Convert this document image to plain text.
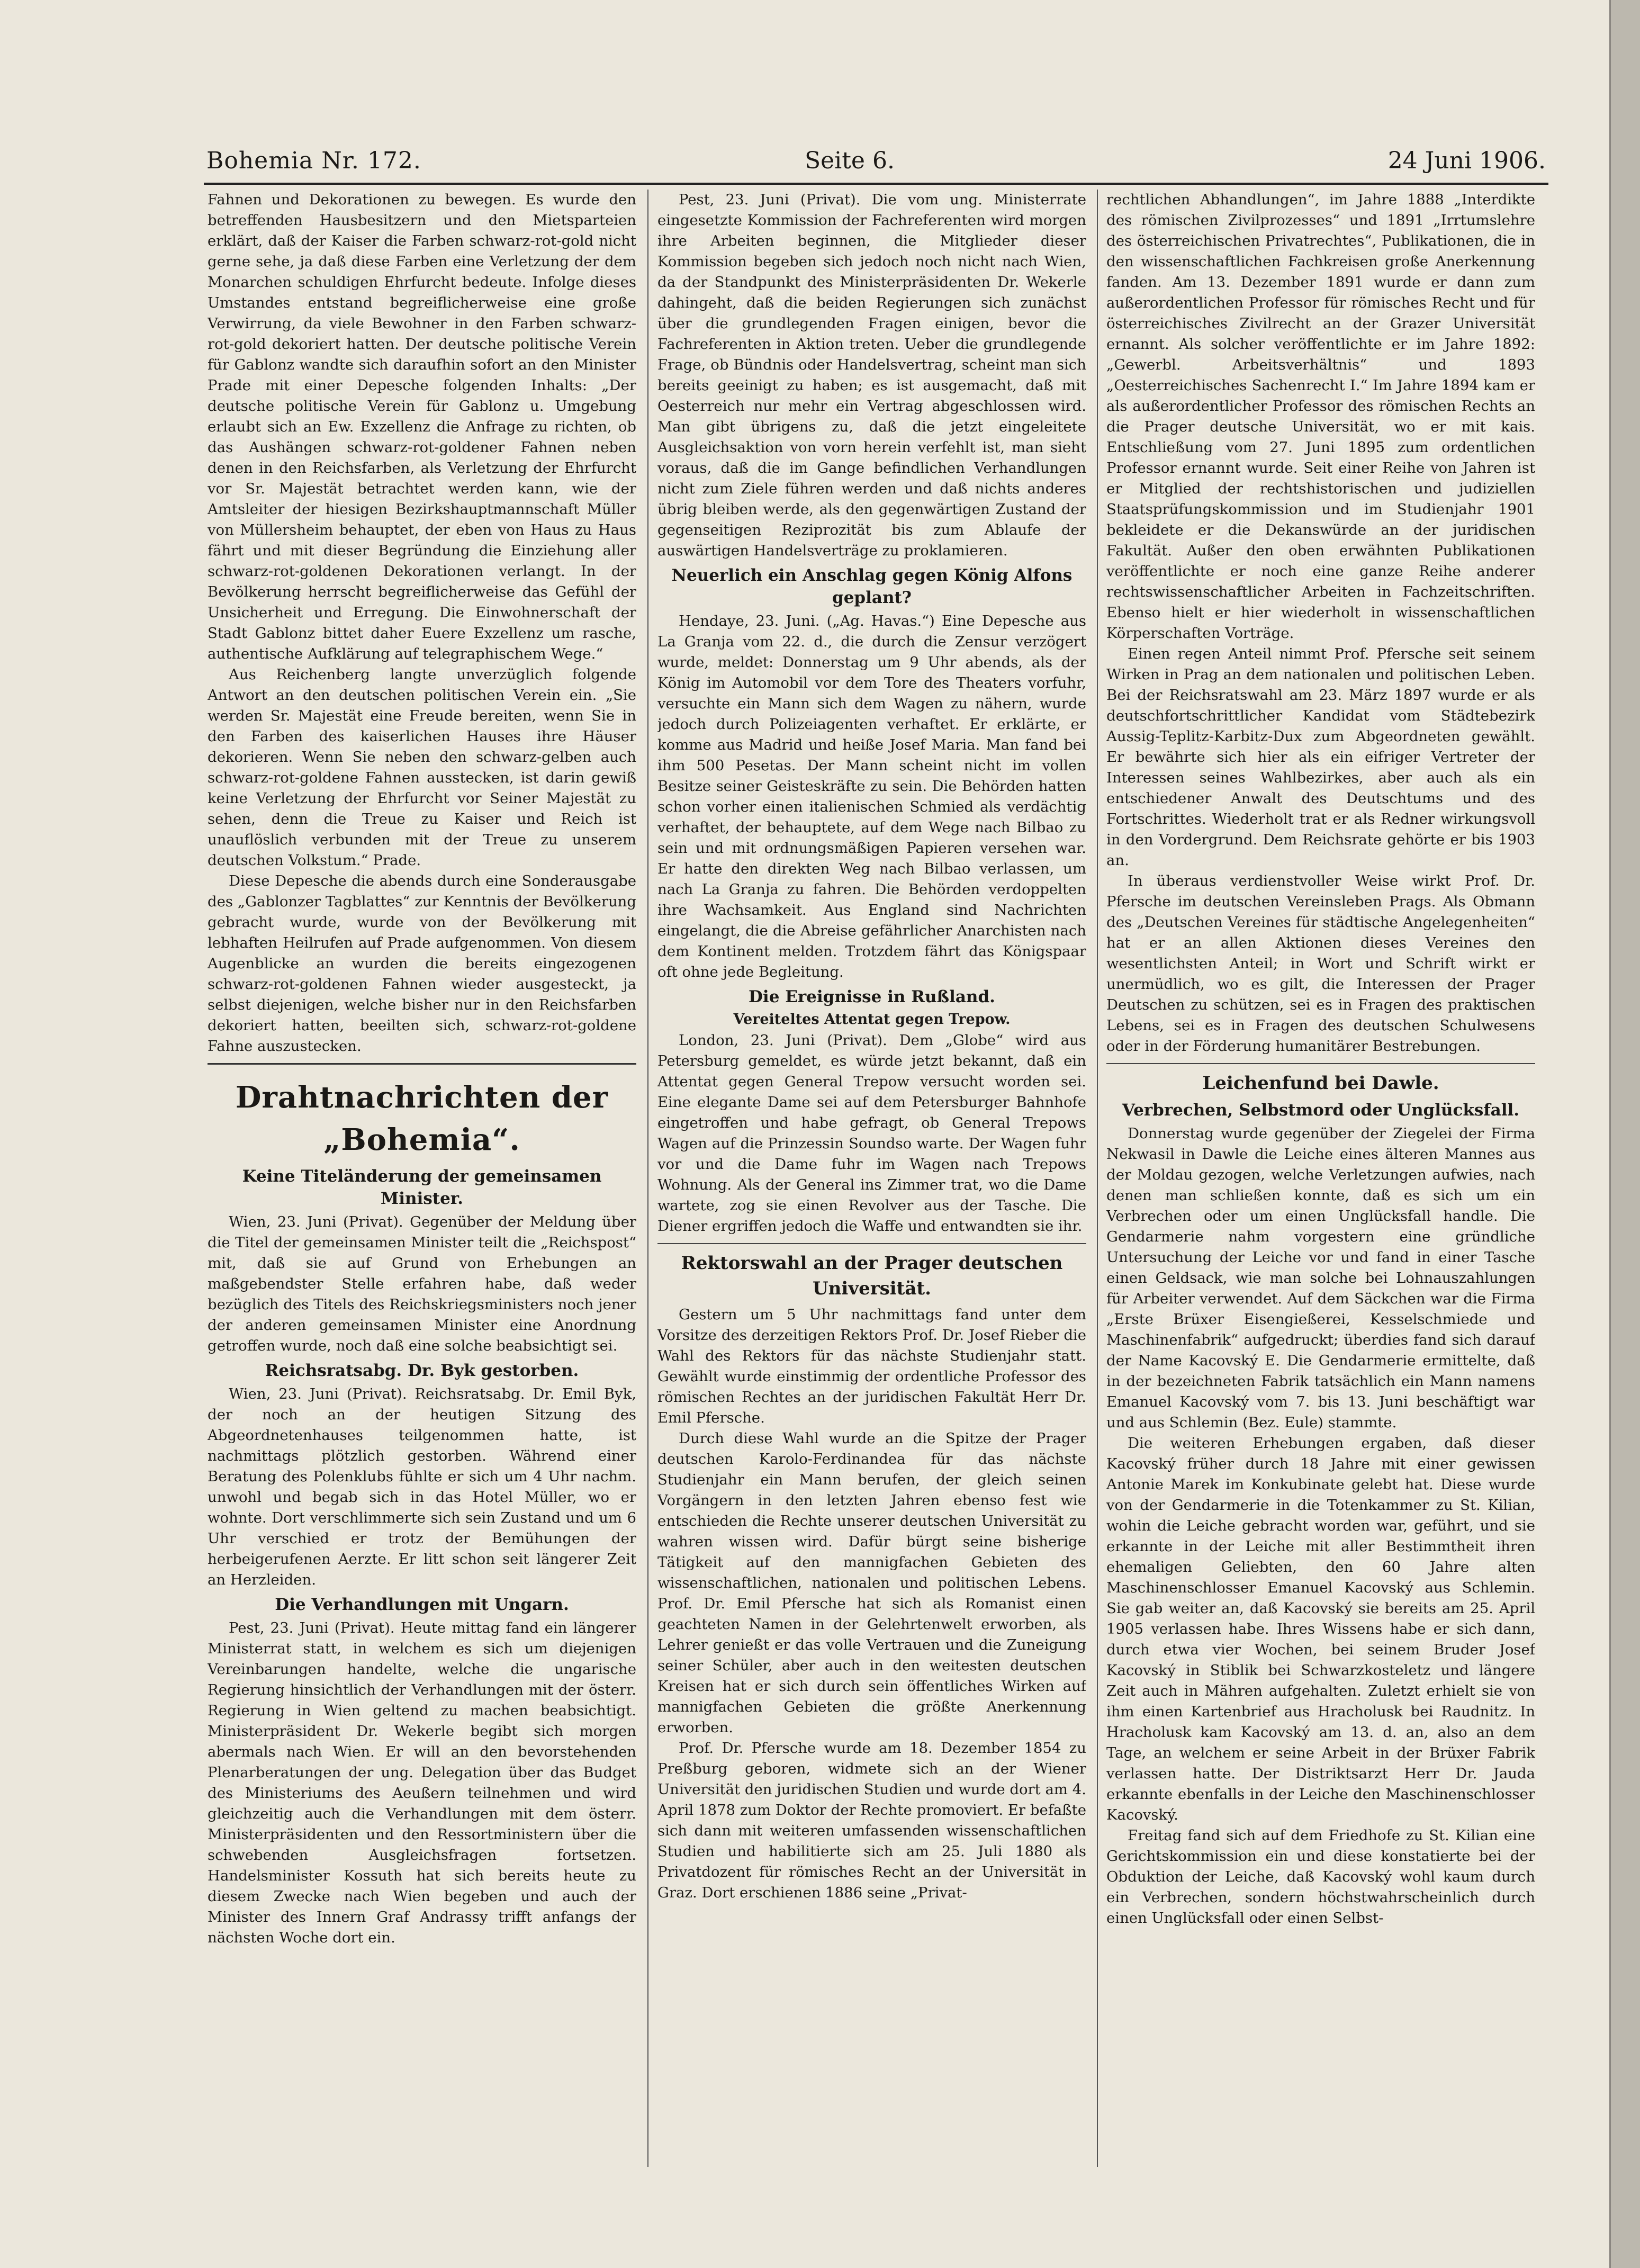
Bohemia Nr. 172.	Seite 6.	24 Juni 1906.

Fahnen und Dekorationen zu bewegen. Es wurde den betreffenden Hausbesitzern und den Mietsparteien erklärt, daß der Kaiser die Farben schwarz-rot-gold nicht gerne sehe, ja daß diese Farben eine Verletzung der dem Monarchen schuldigen Ehrfurcht bedeute. Infolge dieses Umstandes entstand begreiflicherweise eine große Verwirrung, da viele Bewohner in den Farben schwarz-rot-gold dekoriert hatten. Der deutsche politische Verein für Gablonz wandte sich daraufhin sofort an den Minister Prade mit einer Depesche folgenden Inhalts: „Der deutsche politische Verein für Gablonz u. Umgebung erlaubt sich an Ew. Exzellenz die Anfrage zu richten, ob das Aushängen schwarz-rot-goldener Fahnen neben denen in den Reichsfarben, als Verletzung der Ehrfurcht vor Sr. Majestät betrachtet werden kann, wie der Amtsleiter der hiesigen Bezirkshauptmannschaft Müller von Müllersheim behauptet, der eben von Haus zu Haus fährt und mit dieser Begründung die Einziehung aller schwarz-rot-goldenen Dekorationen verlangt. In der Bevölkerung herrscht begreiflicherweise das Gefühl der Unsicherheit und Erregung. Die Einwohnerschaft der Stadt Gablonz bittet daher Euere Exzellenz um rasche, authentische Aufklärung auf telegraphischem Wege.“

Aus Reichenberg langte unverzüglich folgende Antwort an den deutschen politischen Verein ein. „Sie werden Sr. Majestät eine Freude bereiten, wenn Sie in den Farben des kaiserlichen Hauses ihre Häuser dekorieren. Wenn Sie neben den schwarz-gelben auch schwarz-rot-goldene Fahnen ausstecken, ist darin gewiß keine Verletzung der Ehrfurcht vor Seiner Majestät zu sehen, denn die Treue zu Kaiser und Reich ist unauflöslich verbunden mit der Treue zu unserem deutschen Volkstum.“ Prade.

Diese Depesche die abends durch eine Sonderausgabe des „Gablonzer Tagblattes“ zur Kenntnis der Bevölkerung gebracht wurde, wurde von der Bevölkerung mit lebhaften Heilrufen auf Prade aufgenommen. Von diesem Augenblicke an wurden die bereits eingezogenen schwarz-rot-goldenen Fahnen wieder ausgesteckt, ja selbst diejenigen, welche bisher nur in den Reichsfarben dekoriert hatten, beeilten sich, schwarz-rot-goldene Fahne auszustecken.

Drahtnachrichten der „Bohemia“.
Keine Titeländerung der gemeinsamen Minister.

Wien, 23. Juni (Privat). Gegenüber der Meldung über die Titel der gemeinsamen Minister teilt die „Reichspost“ mit, daß sie auf Grund von Erhebungen an maßgebendster Stelle erfahren habe, daß weder bezüglich des Titels des Reichskriegsministers noch jener der anderen gemeinsamen Minister eine Anordnung getroffen wurde, noch daß eine solche beabsichtigt sei.

Reichsratsabg. Dr. Byk gestorben.

Wien, 23. Juni (Privat). Reichsratsabg. Dr. Emil Byk, der noch an der heutigen Sitzung des Abgeordnetenhauses teilgenommen hatte, ist nachmittags plötzlich gestorben. Während einer Beratung des Polenklubs fühlte er sich um 4 Uhr nachm. unwohl und begab sich in das Hotel Müller, wo er wohnte. Dort verschlimmerte sich sein Zustand und um 6 Uhr verschied er trotz der Bemühungen der herbeigerufenen Aerzte. Er litt schon seit längerer Zeit an Herzleiden.

Die Verhandlungen mit Ungarn.

Pest, 23. Juni (Privat). Heute mittag fand ein längerer Ministerrat statt, in welchem es sich um diejenigen Vereinbarungen handelte, welche die ungarische Regierung hinsichtlich der Verhandlungen mit der österr. Regierung in Wien geltend zu machen beabsichtigt. Ministerpräsident Dr. Wekerle begibt sich morgen abermals nach Wien. Er will an den bevorstehenden Plenarberatungen der ung. Delegation über das Budget des Ministeriums des Aeußern teilnehmen und wird gleichzeitig auch die Verhandlungen mit dem österr. Ministerpräsidenten und den Ressortministern über die schwebenden Ausgleichsfragen fortsetzen. Handelsminister Kossuth hat sich bereits heute zu diesem Zwecke nach Wien begeben und auch der Minister des Innern Graf Andrassy trifft anfangs der nächsten Woche dort ein.

Pest, 23. Juni (Privat). Die vom ung. Ministerrate eingesetzte Kommission der Fachreferenten wird morgen ihre Arbeiten beginnen, die Mitglieder dieser Kommission begeben sich jedoch noch nicht nach Wien, da der Standpunkt des Ministerpräsidenten Dr. Wekerle dahingeht, daß die beiden Regierungen sich zunächst über die grundlegenden Fragen einigen, bevor die Fachreferenten in Aktion treten. Ueber die grundlegende Frage, ob Bündnis oder Handelsvertrag, scheint man sich bereits geeinigt zu haben; es ist ausgemacht, daß mit Oesterreich nur mehr ein Vertrag abgeschlossen wird. Man gibt übrigens zu, daß die jetzt eingeleitete Ausgleichsaktion von vorn herein verfehlt ist, man sieht voraus, daß die im Gange befindlichen Verhandlungen nicht zum Ziele führen werden und daß nichts anderes übrig bleiben werde, als den gegenwärtigen Zustand der gegenseitigen Reziprozität bis zum Ablaufe der auswärtigen Handelsverträge zu proklamieren.

Neuerlich ein Anschlag gegen König Alfons geplant?

Hendaye, 23. Juni. („Ag. Havas.“) Eine Depesche aus La Granja vom 22. d., die durch die Zensur verzögert wurde, meldet: Donnerstag um 9 Uhr abends, als der König im Automobil vor dem Tore des Theaters vorfuhr, versuchte ein Mann sich dem Wagen zu nähern, wurde jedoch durch Polizeiagenten verhaftet. Er erklärte, er komme aus Madrid und heiße Josef Maria. Man fand bei ihm 500 Pesetas. Der Mann scheint nicht im vollen Besitze seiner Geisteskräfte zu sein. Die Behörden hatten schon vorher einen italienischen Schmied als verdächtig verhaftet, der behauptete, auf dem Wege nach Bilbao zu sein und mit ordnungsmäßigen Papieren versehen war. Er hatte den direkten Weg nach Bilbao verlassen, um nach La Granja zu fahren. Die Behörden verdoppelten ihre Wachsamkeit. Aus England sind Nachrichten eingelangt, die die Abreise gefährlicher Anarchisten nach dem Kontinent melden. Trotzdem fährt das Königspaar oft ohne jede Begleitung.

Die Ereignisse in Rußland.
Vereiteltes Attentat gegen Trepow.

London, 23. Juni (Privat). Dem „Globe“ wird aus Petersburg gemeldet, es würde jetzt bekannt, daß ein Attentat gegen General Trepow versucht worden sei. Eine elegante Dame sei auf dem Petersburger Bahnhofe eingetroffen und habe gefragt, ob General Trepows Wagen auf die Prinzessin Soundso warte. Der Wagen fuhr vor und die Dame fuhr im Wagen nach Trepows Wohnung. Als der General ins Zimmer trat, wo die Dame wartete, zog sie einen Revolver aus der Tasche. Die Diener ergriffen jedoch die Waffe und entwandten sie ihr.

Rektorswahl an der Prager deutschen Universität.

Gestern um 5 Uhr nachmittags fand unter dem Vorsitze des derzeitigen Rektors Prof. Dr. Josef Rieber die Wahl des Rektors für das nächste Studienjahr statt. Gewählt wurde einstimmig der ordentliche Professor des römischen Rechtes an der juridischen Fakultät Herr Dr. Emil Pfersche.

Durch diese Wahl wurde an die Spitze der Prager deutschen Karolo-Ferdinandea für das nächste Studienjahr ein Mann berufen, der gleich seinen Vorgängern in den letzten Jahren ebenso fest wie entschieden die Rechte unserer deutschen Universität zu wahren wissen wird. Dafür bürgt seine bisherige Tätigkeit auf den mannigfachen Gebieten des wissenschaftlichen, nationalen und politischen Lebens. Prof. Dr. Emil Pfersche hat sich als Romanist einen geachteten Namen in der Gelehrtenwelt erworben, als Lehrer genießt er das volle Vertrauen und die Zuneigung seiner Schüler, aber auch in den weitesten deutschen Kreisen hat er sich durch sein öffentliches Wirken auf mannigfachen Gebieten die größte Anerkennung erworben.

Prof. Dr. Pfersche wurde am 18. Dezember 1854 zu Preßburg geboren, widmete sich an der Wiener Universität den juridischen Studien und wurde dort am 4. April 1878 zum Doktor der Rechte promoviert. Er befaßte sich dann mit weiteren umfassenden wissenschaftlichen Studien und habilitierte sich am 25. Juli 1880 als Privatdozent für römisches Recht an der Universität in Graz. Dort erschienen 1886 seine „Privat-

rechtlichen Abhandlungen“, im Jahre 1888 „Interdikte des römischen Zivilprozesses“ und 1891 „Irrtumslehre des österreichischen Privatrechtes“, Publikationen, die in den wissenschaftlichen Fachkreisen große Anerkennung fanden. Am 13. Dezember 1891 wurde er dann zum außerordentlichen Professor für römisches Recht und für österreichisches Zivilrecht an der Grazer Universität ernannt. Als solcher veröffentlichte er im Jahre 1892: „Gewerbl. Arbeitsverhältnis“ und 1893 „Oesterreichisches Sachenrecht I.“ Im Jahre 1894 kam er als außerordentlicher Professor des römischen Rechts an die Prager deutsche Universität, wo er mit kais. Entschließung vom 27. Juni 1895 zum ordentlichen Professor ernannt wurde. Seit einer Reihe von Jahren ist er Mitglied der rechtshistorischen und judiziellen Staatsprüfungskommission und im Studienjahr 1901 bekleidete er die Dekanswürde an der juridischen Fakultät. Außer den oben erwähnten Publikationen veröffentlichte er noch eine ganze Reihe anderer rechtswissenschaftlicher Arbeiten in Fachzeitschriften. Ebenso hielt er hier wiederholt in wissenschaftlichen Körperschaften Vorträge.

Einen regen Anteil nimmt Prof. Pfersche seit seinem Wirken in Prag an dem nationalen und politischen Leben. Bei der Reichsratswahl am 23. März 1897 wurde er als deutschfortschrittlicher Kandidat vom Städtebezirk Aussig-Teplitz-Karbitz-Dux zum Abgeordneten gewählt. Er bewährte sich hier als ein eifriger Vertreter der Interessen seines Wahlbezirkes, aber auch als ein entschiedener Anwalt des Deutschtums und des Fortschrittes. Wiederholt trat er als Redner wirkungsvoll in den Vordergrund. Dem Reichsrate gehörte er bis 1903 an.

In überaus verdienstvoller Weise wirkt Prof. Dr. Pfersche im deutschen Vereinsleben Prags. Als Obmann des „Deutschen Vereines für städtische Angelegenheiten“ hat er an allen Aktionen dieses Vereines den wesentlichsten Anteil; in Wort und Schrift wirkt er unermüdlich, wo es gilt, die Interessen der Prager Deutschen zu schützen, sei es in Fragen des praktischen Lebens, sei es in Fragen des deutschen Schulwesens oder in der Förderung humanitärer Bestrebungen.

Leichenfund bei Dawle.
Verbrechen, Selbstmord oder Unglücksfall.

Donnerstag wurde gegenüber der Ziegelei der Firma Nekwasil in Dawle die Leiche eines älteren Mannes aus der Moldau gezogen, welche Verletzungen aufwies, nach denen man schließen konnte, daß es sich um ein Verbrechen oder um einen Unglücksfall handle. Die Gendarmerie nahm vorgestern eine gründliche Untersuchung der Leiche vor und fand in einer Tasche einen Geldsack, wie man solche bei Lohnauszahlungen für Arbeiter verwendet. Auf dem Säckchen war die Firma „Erste Brüxer Eisengießerei, Kesselschmiede und Maschinenfabrik“ aufgedruckt; überdies fand sich darauf der Name Kacovský E. Die Gendarmerie ermittelte, daß in der bezeichneten Fabrik tatsächlich ein Mann namens Emanuel Kacovský vom 7. bis 13. Juni beschäftigt war und aus Schlemin (Bez. Eule) stammte.

Die weiteren Erhebungen ergaben, daß dieser Kacovský früher durch 18 Jahre mit einer gewissen Antonie Marek im Konkubinate gelebt hat. Diese wurde von der Gendarmerie in die Totenkammer zu St. Kilian, wohin die Leiche gebracht worden war, geführt, und sie erkannte in der Leiche mit aller Bestimmtheit ihren ehemaligen Geliebten, den 60 Jahre alten Maschinenschlosser Emanuel Kacovský aus Schlemin. Sie gab weiter an, daß Kacovský sie bereits am 25. April 1905 verlassen habe. Ihres Wissens habe er sich dann, durch etwa vier Wochen, bei seinem Bruder Josef Kacovský in Stiblik bei Schwarzkosteletz und längere Zeit auch in Mähren aufgehalten. Zuletzt erhielt sie von ihm einen Kartenbrief aus Hracholusk bei Raudnitz. In Hracholusk kam Kacovský am 13. d. an, also an dem Tage, an welchem er seine Arbeit in der Brüxer Fabrik verlassen hatte. Der Distriktsarzt Herr Dr. Jauda erkannte ebenfalls in der Leiche den Maschinenschlosser Kacovský.

Freitag fand sich auf dem Friedhofe zu St. Kilian eine Gerichtskommission ein und diese konstatierte bei der Obduktion der Leiche, daß Kacovský wohl kaum durch ein Verbrechen, sondern höchstwahrscheinlich durch einen Unglücksfall oder einen Selbst-
